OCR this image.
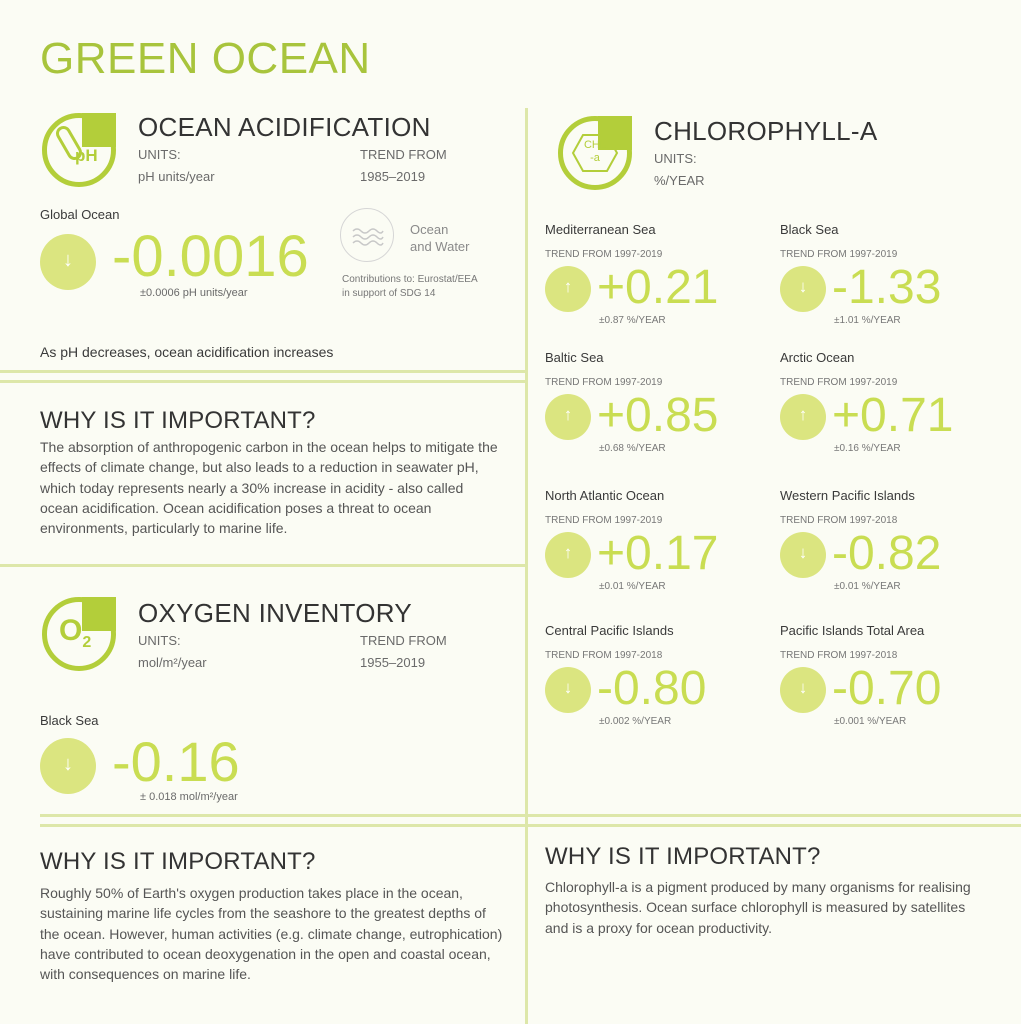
GREEN OCEAN
pH
OCEAN ACIDIFICATION
UNITS:
pH units/year
TREND FROM
1985–2019
Global Ocean
↓ -0.0016
±0.0006 pH units/year
Ocean
and Water
Contributions to: Eurostat/EEA
in support of SDG 14
As pH decreases, ocean acidification increases
WHY IS IT IMPORTANT?
The absorption of anthropogenic carbon in the ocean helps to mitigate the effects of climate change, but also leads to a reduction in seawater pH, which today represents nearly a 30% increase in acidity - also called ocean acidification. Ocean acidification poses a threat to ocean environments, particularly to marine life.
$O_2$
OXYGEN INVENTORY
UNITS:
mol/m²/year
TREND FROM
1955–2019
Black Sea
↓ -0.16
± 0.018 mol/m²/year
WHY IS IT IMPORTANT?
Roughly 50% of Earth's oxygen production takes place in the ocean, sustaining marine life cycles from the seashore to the greatest depths of the ocean. However, human activities (e.g. climate change, eutrophication) have contributed to ocean deoxygenation in the open and coastal ocean, with consequences on marine life.
CHL
-a
CHLOROPHYLL-A
UNITS:
%/YEAR
Mediterranean Sea
TREND FROM 1997-2019
↑ +0.21
±0.87 %/YEAR
Black Sea
TREND FROM 1997-2019
↓ -1.33
±1.01 %/YEAR
Baltic Sea
TREND FROM 1997-2019
↑ +0.85
±0.68 %/YEAR
Arctic Ocean
TREND FROM 1997-2019
↑ +0.71
±0.16 %/YEAR
North Atlantic Ocean
TREND FROM 1997-2019
↑ +0.17
±0.01 %/YEAR
Western Pacific Islands
TREND FROM 1997-2018
↓ -0.82
±0.01 %/YEAR
Central Pacific Islands
TREND FROM 1997-2018
↓ -0.80
±0.002 %/YEAR
Pacific Islands Total Area
TREND FROM 1997-2018
↓ -0.70
±0.001 %/YEAR
WHY IS IT IMPORTANT?
Chlorophyll-a is a pigment produced by many organisms for realising photosynthesis. Ocean surface chlorophyll is measured by satellites and is a proxy for ocean productivity.
